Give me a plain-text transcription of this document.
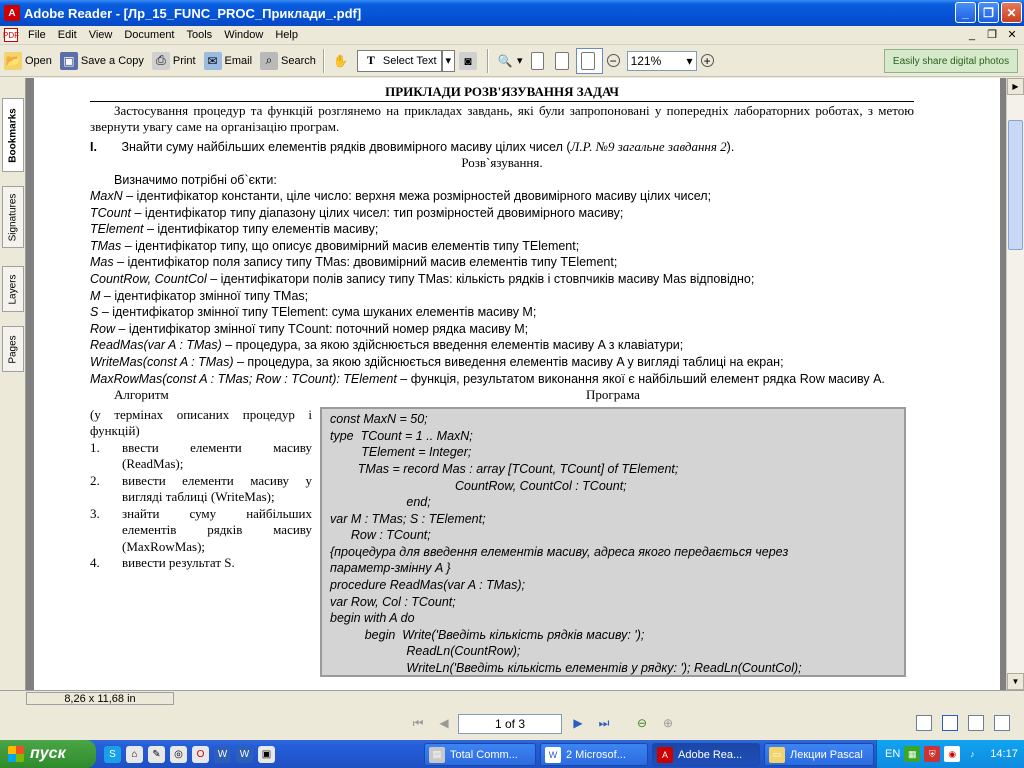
A Adobe Reader - [Лр_15_FUNC_PROC_Приклади_.pdf]	_	❐	✕
PDF File	Edit	View	Document	Tools	Window	Help	_	❐ ✕
📂 Open ▣ Save a Copy	⎙ Print ✉ Email	⌕ Search ✋	T Select Text ▾	◙	🔍 ▾	− 121% ▾ +	Easily share digital photos
Bookmarks
Signatures
Layers
Pages
ПРИКЛАДИ РОЗВ'ЯЗУВАННЯ ЗАДАЧ
Застосування процедур та функцій розглянемо на прикладах завдань, які були запропоновані у попередніх лабораторних роботах, з метою звернути увагу саме на організацію програм.
I. Знайти суму найбільших елементів рядків двовимірного масиву цілих чисел (Л.Р. №9 загальне завдання 2).
Розв`язування.
Визначимо потрібні об`єкти:
MaxN – ідентифікатор константи, ціле число: верхня межа розмірностей двовимірного масиву цілих чисел;
TCount – ідентифікатор типу діапазону цілих чисел: тип розмірностей двовимірного масиву;
TElement – ідентифікатор типу елементів масиву;
TMas – ідентифікатор типу, що описує двовимірний масив елементів типу TElement;
Mas – ідентифікатор поля запису типу TMas: двовимірний масив елементів типу TElement;
CountRow, CountCol – ідентифікатори полів запису типу TMas: кількість рядків і стовпчиків масиву Mas відповідно;
M – ідентифікатор змінної типу TMas;
S – ідентифікатор змінної типу TElement: сума шуканих елементів масиву M;
Row – ідентифікатор змінної типу TCount: поточний номер рядка масиву M;
ReadMas(var A : TMas) – процедура, за якою здійснюється введення елементів масиву A з клавіатури;
WriteMas(const A : TMas) – процедура, за якою здійснюється виведення елементів масиву A у вигляді таблиці на екран;
MaxRowMas(const A : TMas; Row : TCount): TElement – функція, результатом виконання якої є найбільший елемент рядка Row масиву A.
Алгоритм
(у термінах описаних процедур і функцій)
1.	ввести елементи масиву (ReadMas);
2.	вивести елементи масиву у вигляді таблиці (WriteMas);
3.	знайти суму найбільших елементів рядків масиву (MaxRowMas);
4.	вивести результат S.
Програма
const MaxN = 50;
type  TCount = 1 .. MaxN;
TElement = Integer;
TMas = record Mas : array [TCount, TCount] of TElement;
CountRow, CountCol : TCount;
end;
var M : TMas; S : TElement;
Row : TCount;
{процедура для введення елементів масиву, адреса якого передається через
параметр-змінну A }
procedure ReadMas(var A : TMas);
var Row, Col : TCount;
begin with A do
begin  Write('Введіть кількість рядків масиву: ');
ReadLn(CountRow);
WriteLn('Введіть кількість елементів у рядку: '); ReadLn(CountCol);
▶
▼
8,26 x 11,68 in
⏮ ◀	1 of 3	▶ ⏭ ⊖ ⊕
пуск	S	⌂	✎	◎	O	W	W	▣	▤ Total Comm...	W 2 Microsof...	A Adobe Rea...	▭ Лекции Pascal EN ▦	⛨	◉	♪	14:17
